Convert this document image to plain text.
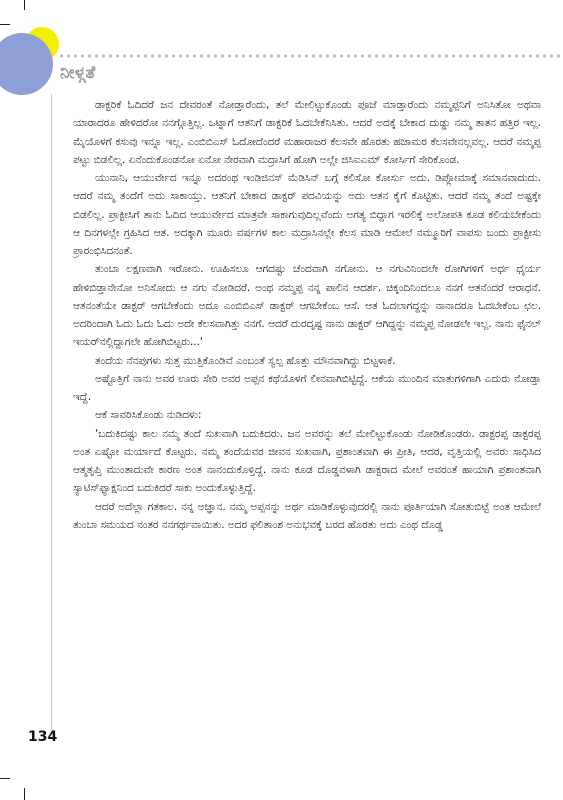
ನೀಳ್ಗತೆ

ಡಾಕ್ಟರಿಕೆ ಓದಿದರೆ ಜನ ದೇವರಂತೆ ನೋಡ್ತಾರೆಂದು, ತಲೆ ಮೇಲಿಟ್ಟುಕೊಂಡು ಪೂಜೆ ಮಾಡ್ತಾರೆಂದು ನಮ್ಮಪ್ಪನಿಗೆ ಅನಿಸಿತೋ ಅಥವಾ ಯಾರಾದರೂ ಹೇಳಿದರೋ ನನಗ್ಗೊತ್ತಿಲ್ಲ. ಒಟ್ನಾಗೆ ಆತನಿಗೆ ಡಾಕ್ಟರಿಕೆ ಓದಬೇಕೆನಿಸಿತು. ಆದರೆ ಅದಕ್ಕೆ ಬೇಕಾದ ದುಡ್ಡು ನಮ್ಮ ತಾತನ ಹತ್ತಿರ ಇಲ್ಲ. ಮೈಯೊಳಗೆ ಕಸುವು ಇನ್ನೂ ಇಲ್ಲ. ಎಂಬಿಬಿಎಸ್ ಓದೋದೆಂದರೆ ಮಹಾರಾಜರ ಕೆಲಸವೇ ಹೊರತು ಹಜಾಮರ ಕೆಲಸವೇನಲ್ಲವಲ್ಲ. ಆದರೆ ನಮ್ಮಪ್ಪ ಪಟ್ಟು ಬಿಡಲಿಲ್ಲ. ಏನೆಂದುಕೊಂಡನೋ ಏನೋ ನೇರವಾಗಿ ಮದ್ರಾಸಿಗೆ ಹೋಗಿ ಅಲ್ಲೇ ಜಿಸಿಐಎಮ್ ಕೋರ್ಸಿಗೆ ಸೇರಿಕೊಂಡ.

ಯುನಾನಿ, ಆಯುರ್ವೇದ ಇನ್ನೂ ಅದರಂಥ ಇಂಡಿಜಿನಸ್ ಮೆಡಿಸಿನ್ ಬಗ್ಗೆ ಕಲಿಸೋ ಕೋರ್ಸು ಅದು. ಡಿಪ್ಲೋಮಾಕ್ಕೆ ಸಮಾನವಾದುದು. ಆದರೆ ನಮ್ಮ ತಂದೆಗೆ ಅದು ಸಾಕಾಯ್ತು. ಆತನಿಗೆ ಬೇಕಾದ ಡಾಕ್ಟರ್ ಪದವಿಯನ್ನು ಅದು ಆತನ ಕೈಗೆ ಕೊಟ್ಟಿತು. ಆದರೆ ನಮ್ಮ ತಂದೆ ಅಷ್ಟಕ್ಕೇ ಬಿಡಲಿಲ್ಲ. ಪ್ರಾಕ್ಟೀಸಿಗೆ ತಾನು ಓದಿದ ಆಯುರ್ವೇದ ಮಾತ್ರವೇ ಸಾಕಾಗುವುದಿಲ್ಲವೆಂದು ಅಗತ್ಯ ಬಿದ್ದಾಗ ಇರಲಿಕ್ಕೆ ಅಲೋಪತಿ ಕೂಡ ಕಲಿಯಬೇಕೆಂದು ಆ ದಿನಗಳಲ್ಲೇ ಗ್ರಹಿಸಿದ ಆತ. ಅದಕ್ಕಾಗಿ ಮೂರು ವರ್ಷಗಳ ಕಾಲ ಮದ್ರಾಸಿನಲ್ಲೇ ಕೆಲಸ ಮಾಡಿ ಆಮೇಲೆ ನಮ್ಮೂರಿಗೆ ವಾಪಸು ಬಂದು ಪ್ರಾಕ್ಟೀಸು ಪ್ರಾರಂಭಿಸಿದನಂತೆ.

ತುಂಬಾ ಲಕ್ಷಣವಾಗಿ ಇರೋನು. ಊಹಿಸಲೂ ಆಗದಷ್ಟು ಚೆಂದವಾಗಿ ನಗೋನು. ಆ ನಗುವಿನಿಂದಲೇ ರೋಗಿಗಳಿಗೆ ಅರ್ಧ ಧೈರ್ಯ ಹೇಳಿಬಿಡ್ತಾನೇನೋ ಅನಿಸೋದು ಆ ನಗು ನೋಡಿದರೆ. ಅಂಥ ನಮ್ಮಪ್ಪ ನನ್ನ ಪಾಲಿನ ಆದರ್ಶ. ಚಿಕ್ಕಂದಿನಿಂದಲೂ ನನಗೆ ಆತನೆಂದರೆ ಆರಾಧನೆ. ಆತನಂತೆಯೇ ಡಾಕ್ಟರ್ ಆಗಬೇಕೆಂದು ಅದೂ ಎಂಬಿಬಿಎಸ್ ಡಾಕ್ಟರ್ ಆಗಬೇಕೆಂಬ ಆಸೆ. ಆತ ಓದಲಾಗದ್ದನ್ನು ನಾನಾದರೂ ಓದಬೇಕೆಂಬ ಛಲ. ಅದರಿಂದಾಗಿ ಓದು ಓದು ಓದು ಅದೇ ಕೆಲಸವಾಗಿತ್ತು ನನಗೆ. ಆದರೆ ದುರದೃಷ್ಟ ನಾನು ಡಾಕ್ಟರ್ ಆಗಿದ್ದನ್ನು ನಮ್ಮಪ್ಪ ನೋಡಲೇ ಇಲ್ಲ. ನಾನು ಫೈನಲ್ ಇಯರ್‌ನಲ್ಲಿದ್ದಾಗಲೇ ಹೋಗಿಬಿಟ್ಟರು...'

ತಂದೆಯ ನೆನಪುಗಳು ಸುತ್ತ ಮುತ್ತಿಕೊಂಡಿವೆ ಎಂಬಂತೆ ಸ್ವಲ್ಪ ಹೊತ್ತು ಮೌನವಾಗಿದ್ದು ಬಿಟ್ಟಳಾಕೆ.

ಅಷ್ಟೊತ್ತಿಗೆ ನಾನು ಅವರ ಊರು ಸೇರಿ ಅವರ ಅಪ್ಪನ ಕಥೆಯೊಳಗೆ ಲೀನವಾಗಿಬಿಟ್ಟಿದ್ದೆ. ಆಕೆಯ ಮುಂದಿನ ಮಾತುಗಳಿಗಾಗಿ ಎದುರು ನೋಡ್ತಾ ಇದ್ದೆ.

ಆಕೆ ಸಾವರಿಸಿಕೊಂಡು ನುಡಿದಳು:

‘ಬದುಕಿದಷ್ಟು ಕಾಲ ನಮ್ಮ ತಂದೆ ಸುಖವಾಗಿ ಬದುಕಿದರು. ಜನ ಅವರನ್ನು ತಲೆ ಮೇಲಿಟ್ಟುಕೊಂಡು ನೋಡಿಕೊಂಡರು. ಡಾಕ್ಟರಪ್ಪ ಡಾಕ್ಟರಪ್ಪ ಅಂತ ಎಷ್ಟೋ ಮರ್ಯಾದೆ ಕೊಟ್ಟರು. ನಮ್ಮ ತಂದೆಯವರ ಜೀವನ ಸುಖವಾಗಿ, ಪ್ರಶಾಂತವಾಗಿ ಈ ಪ್ರೀತಿ, ಆದರ, ವೃತ್ತಿಯಲ್ಲಿ ಅವರು ಸಾಧಿಸಿದ ಆತ್ಮತೃಪ್ತಿ ಮುಂತಾದುವೇ ಕಾರಣ ಅಂತ ನಾನಂದುಕೊಳ್ತಿದ್ದೆ. ನಾನು ಕೂಡ ದೊಡ್ಡವಳಾಗಿ ಡಾಕ್ಟರಾದ ಮೇಲೆ ಅವರಂತೆ ಹಾಯಾಗಿ ಪ್ರಶಾಂತವಾಗಿ ಸ್ಯಾಟಿಸ್‌ಫ್ಯಾಕ್ಷನಿಂದ ಬದುಕಿದರೆ ಸಾಕು ಅಂದುಕೊಳ್ಳುತ್ತಿದ್ದೆ.

ಆದರೆ ಅದೆಲ್ಲಾ ಗತಕಾಲ. ನನ್ನ ಅಜ್ಞಾನ. ನಮ್ಮ ಅಪ್ಪನನ್ನು ಅರ್ಥ ಮಾಡಿಕೊಳ್ಳುವುದರಲ್ಲಿ ನಾನು ಪೂರ್ತಿಯಾಗಿ ಸೋತುಬಿಟ್ಟೆ ಅಂತ ಆಮೇಲೆ ತುಂಬಾ ಸಮಯದ ನಂತರ ನನಗರ್ಥವಾಯಿತು. ಅದರ ಫಲಿತಾಂಶ ಅನುಭವಕ್ಕೆ ಬರದ ಹೊರತು ಅದು ಎಂಥ ದೊಡ್ಡ

134
